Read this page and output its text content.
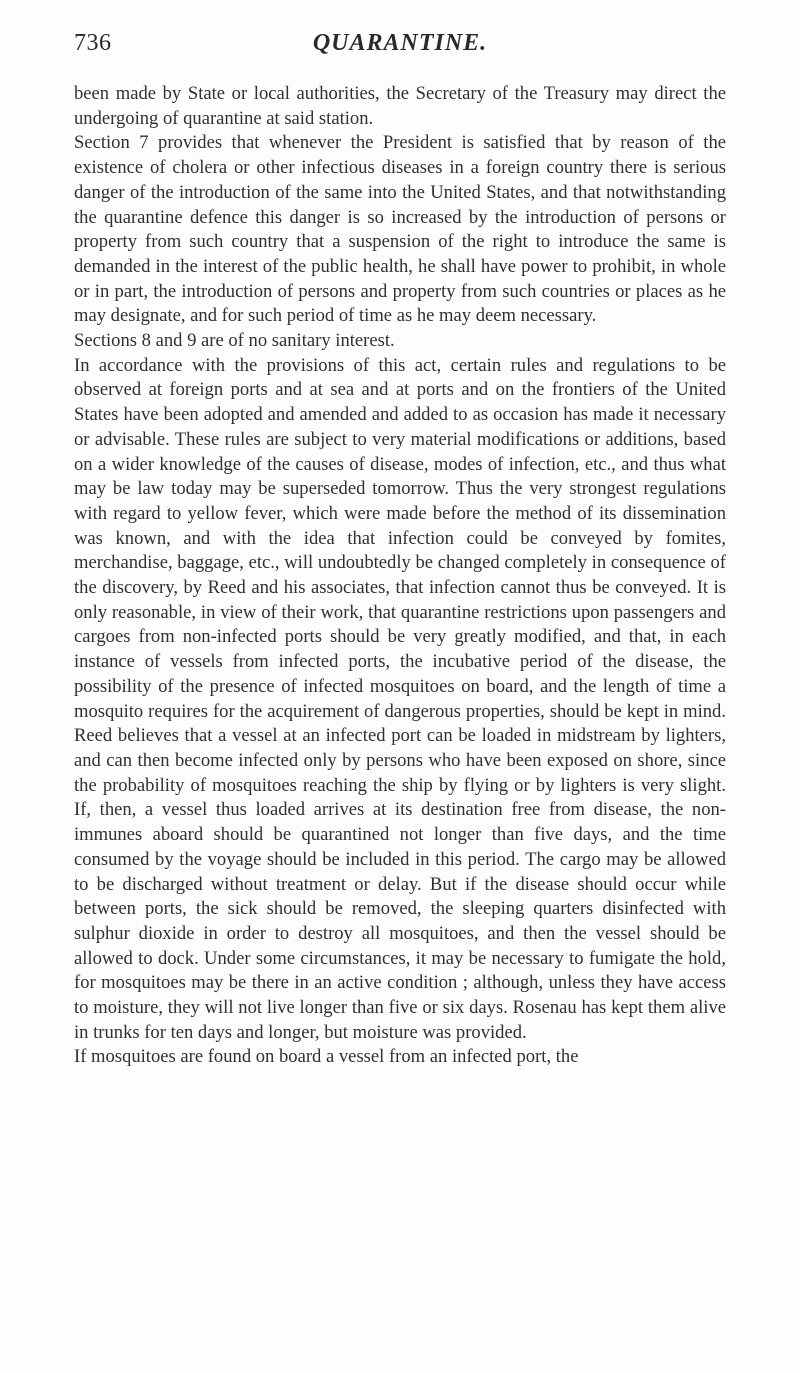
736	QUARANTINE.

been made by State or local authorities, the Secretary of the Treasury may direct the undergoing of quarantine at said station.

Section 7 provides that whenever the President is satisfied that by reason of the existence of cholera or other infectious diseases in a foreign country there is serious danger of the introduction of the same into the United States, and that notwithstanding the quarantine defence this danger is so increased by the introduction of persons or property from such country that a suspension of the right to introduce the same is demanded in the interest of the public health, he shall have power to prohibit, in whole or in part, the introduction of persons and property from such countries or places as he may designate, and for such period of time as he may deem necessary.

Sections 8 and 9 are of no sanitary interest.

In accordance with the provisions of this act, certain rules and regulations to be observed at foreign ports and at sea and at ports and on the frontiers of the United States have been adopted and amended and added to as occasion has made it necessary or advisable. These rules are subject to very material modifications or additions, based on a wider knowledge of the causes of disease, modes of infection, etc., and thus what may be law today may be superseded tomorrow. Thus the very strongest regulations with regard to yellow fever, which were made before the method of its dissemination was known, and with the idea that infection could be conveyed by fomites, merchandise, baggage, etc., will undoubtedly be changed completely in consequence of the discovery, by Reed and his associates, that infection cannot thus be conveyed. It is only reasonable, in view of their work, that quarantine restrictions upon passengers and cargoes from non-infected ports should be very greatly modified, and that, in each instance of vessels from infected ports, the incubative period of the disease, the possibility of the presence of infected mosquitoes on board, and the length of time a mosquito requires for the acquirement of dangerous properties, should be kept in mind. Reed believes that a vessel at an infected port can be loaded in midstream by lighters, and can then become infected only by persons who have been exposed on shore, since the probability of mosquitoes reaching the ship by flying or by lighters is very slight. If, then, a vessel thus loaded arrives at its destination free from disease, the non-immunes aboard should be quarantined not longer than five days, and the time consumed by the voyage should be included in this period. The cargo may be allowed to be discharged without treatment or delay. But if the disease should occur while between ports, the sick should be removed, the sleeping quarters disinfected with sulphur dioxide in order to destroy all mosquitoes, and then the vessel should be allowed to dock. Under some circumstances, it may be necessary to fumigate the hold, for mosquitoes may be there in an active condition ; although, unless they have access to moisture, they will not live longer than five or six days. Rosenau has kept them alive in trunks for ten days and longer, but moisture was provided.

If mosquitoes are found on board a vessel from an infected port, the
